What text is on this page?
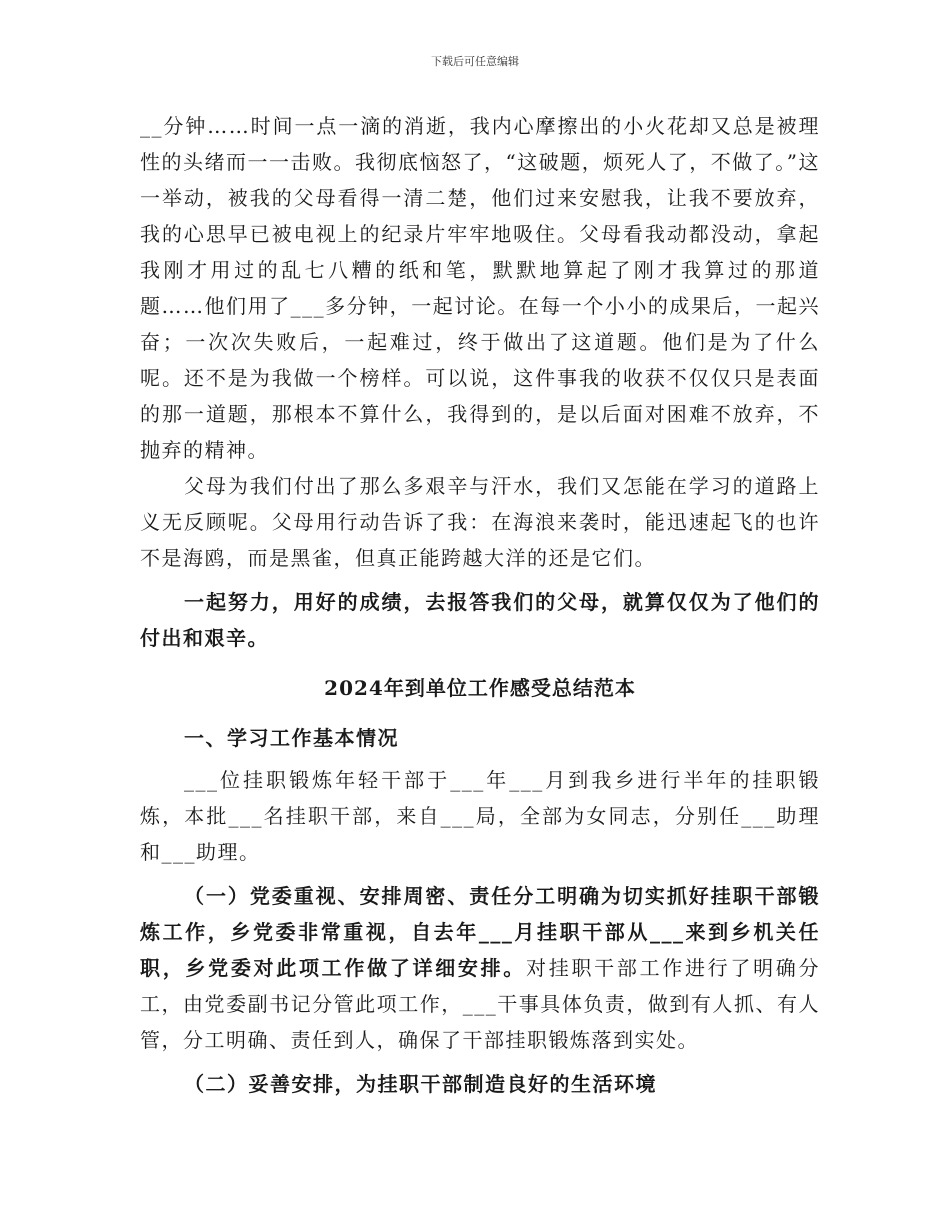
下载后可任意编辑

__分钟……时间一点一滴的消逝，我内心摩擦出的小火花却又总是被理性的头绪而一一击败。我彻底恼怒了，“这破题，烦死人了，不做了。”这一举动，被我的父母看得一清二楚，他们过来安慰我，让我不要放弃，我的心思早已被电视上的纪录片牢牢地吸住。父母看我动都没动，拿起我刚才用过的乱七八糟的纸和笔，默默地算起了刚才我算过的那道题……他们用了___多分钟，一起讨论。在每一个小小的成果后，一起兴奋；一次次失败后，一起难过，终于做出了这道题。他们是为了什么呢。还不是为我做一个榜样。可以说，这件事我的收获不仅仅只是表面的那一道题，那根本不算什么，我得到的，是以后面对困难不放弃，不抛弃的精神。

父母为我们付出了那么多艰辛与汗水，我们又怎能在学习的道路上义无反顾呢。父母用行动告诉了我：在海浪来袭时，能迅速起飞的也许不是海鸥，而是黑雀，但真正能跨越大洋的还是它们。

一起努力，用好的成绩，去报答我们的父母，就算仅仅为了他们的付出和艰辛。

2024年到单位工作感受总结范本

一、学习工作基本情况

___位挂职锻炼年轻干部于___年___月到我乡进行半年的挂职锻炼，本批___名挂职干部，来自___局，全部为女同志，分别任___助理和___助理。

（一）党委重视、安排周密、责任分工明确为切实抓好挂职干部锻炼工作，乡党委非常重视，自去年___月挂职干部从___来到乡机关任职，乡党委对此项工作做了详细安排。对挂职干部工作进行了明确分工，由党委副书记分管此项工作，___干事具体负责，做到有人抓、有人管，分工明确、责任到人，确保了干部挂职锻炼落到实处。

（二）妥善安排，为挂职干部制造良好的生活环境
